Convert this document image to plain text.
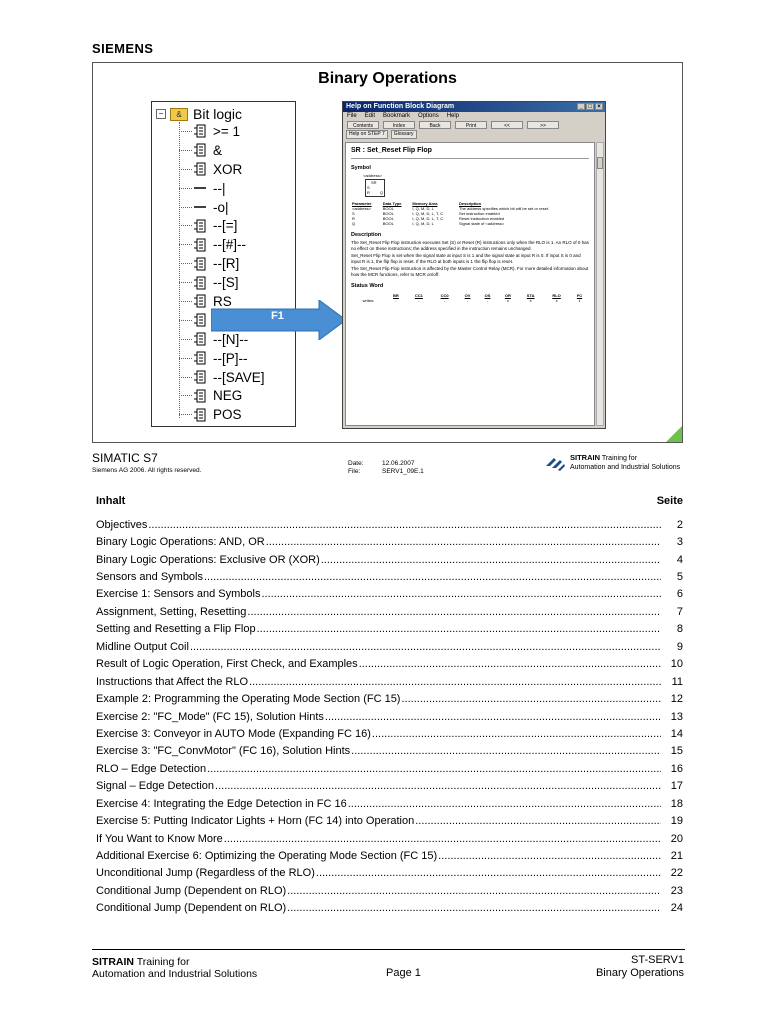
SIEMENS
Binary Operations
−	& Bit logic
>= 1
&
XOR
--|
-o|
--[=]
--[#]--
--[R]
--[S]
RS
--[N]--
--[P]--
--[SAVE]
NEG
POS
F1
Help on Function Block Diagram	_ □ ×
File Edit Bookmark Options Help
Contents	Index	Back	Print	<<	>>
Help on STEP 7	Glossary
SR : Set_Reset Flip Flop
Symbol
<address>
SR
S
R Q
Parameter	Data Type	Memory Area	Description
<address>	BOOL	I, Q, M, D, L	The address specifies which bit will be set or reset.
S	BOOL	I, Q, M, D, L, T, C	Set instruction enabled
R	BOOL	I, Q, M, D, L, T, C	Reset instruction enabled
Q	BOOL	I, Q, M, D, L	Signal state of <address>
Description

The Set_Reset Flip Flop instruction executes Set (S) or Reset (R) instructions only when the RLO is 1. An RLO of 0 has no effect on these instructions; the address specified in the instruction remains unchanged.

Set_Reset Flip Flop is set when the signal state at input S is 1 and the signal state at input R is 0. If input S is 0 and input R is 1, the flip flop is reset. If the RLO at both inputs is 1 the flip flop is reset.

The Set_Reset Flip Flop instruction is affected by the Master Control Relay (MCR). For more detailed information about how the MCR functions, refer to MCR on/off.

Status Word
	BR	CC1	CC0	OV	OS	OR	STA	RLO	FC
writes:	-	-	-	-	-	x	x	x	1
SIMATIC S7
Siemens AG 2006. All rights reserved.
Date:	12.06.2007
File:	SERV1_09E.1
SITRAIN Training for
Automation and Industrial Solutions
Inhalt	Seite
Objectives .....	2
Binary Logic Operations: AND, OR .....	3
Binary Logic Operations: Exclusive OR (XOR) .....	4
Sensors and Symbols .....	5
Exercise 1: Sensors and Symbols .....	6
Assignment, Setting, Resetting .....	7
Setting and Resetting a Flip Flop .....	8
Midline Output Coil .....	9
Result of Logic Operation, First Check, and Examples .....	10
Instructions that Affect the RLO .....	11
Example 2: Programming the Operating Mode Section (FC 15) .....	12
Exercise 2: "FC_Mode" (FC 15), Solution Hints .....	13
Exercise 3: Conveyor in AUTO Mode (Expanding FC 16) .....	14
Exercise 3: "FC_ConvMotor" (FC 16), Solution Hints .....	15
RLO – Edge Detection .....	16
Signal – Edge Detection .....	17
Exercise 4: Integrating the Edge Detection in FC 16 .....	18
Exercise 5: Putting Indicator Lights + Horn (FC 14) into Operation .....	19
If You Want to Know More .....	20
Additional Exercise 6: Optimizing the Operating Mode Section (FC 15) .....	21
Unconditional Jump (Regardless of the RLO) .....	22
Conditional Jump (Dependent on RLO) .....	23
Conditional Jump (Dependent on RLO) .....	24
SITRAIN Training for
Automation and Industrial Solutions	Page 1
ST-SERV1
Binary Operations
